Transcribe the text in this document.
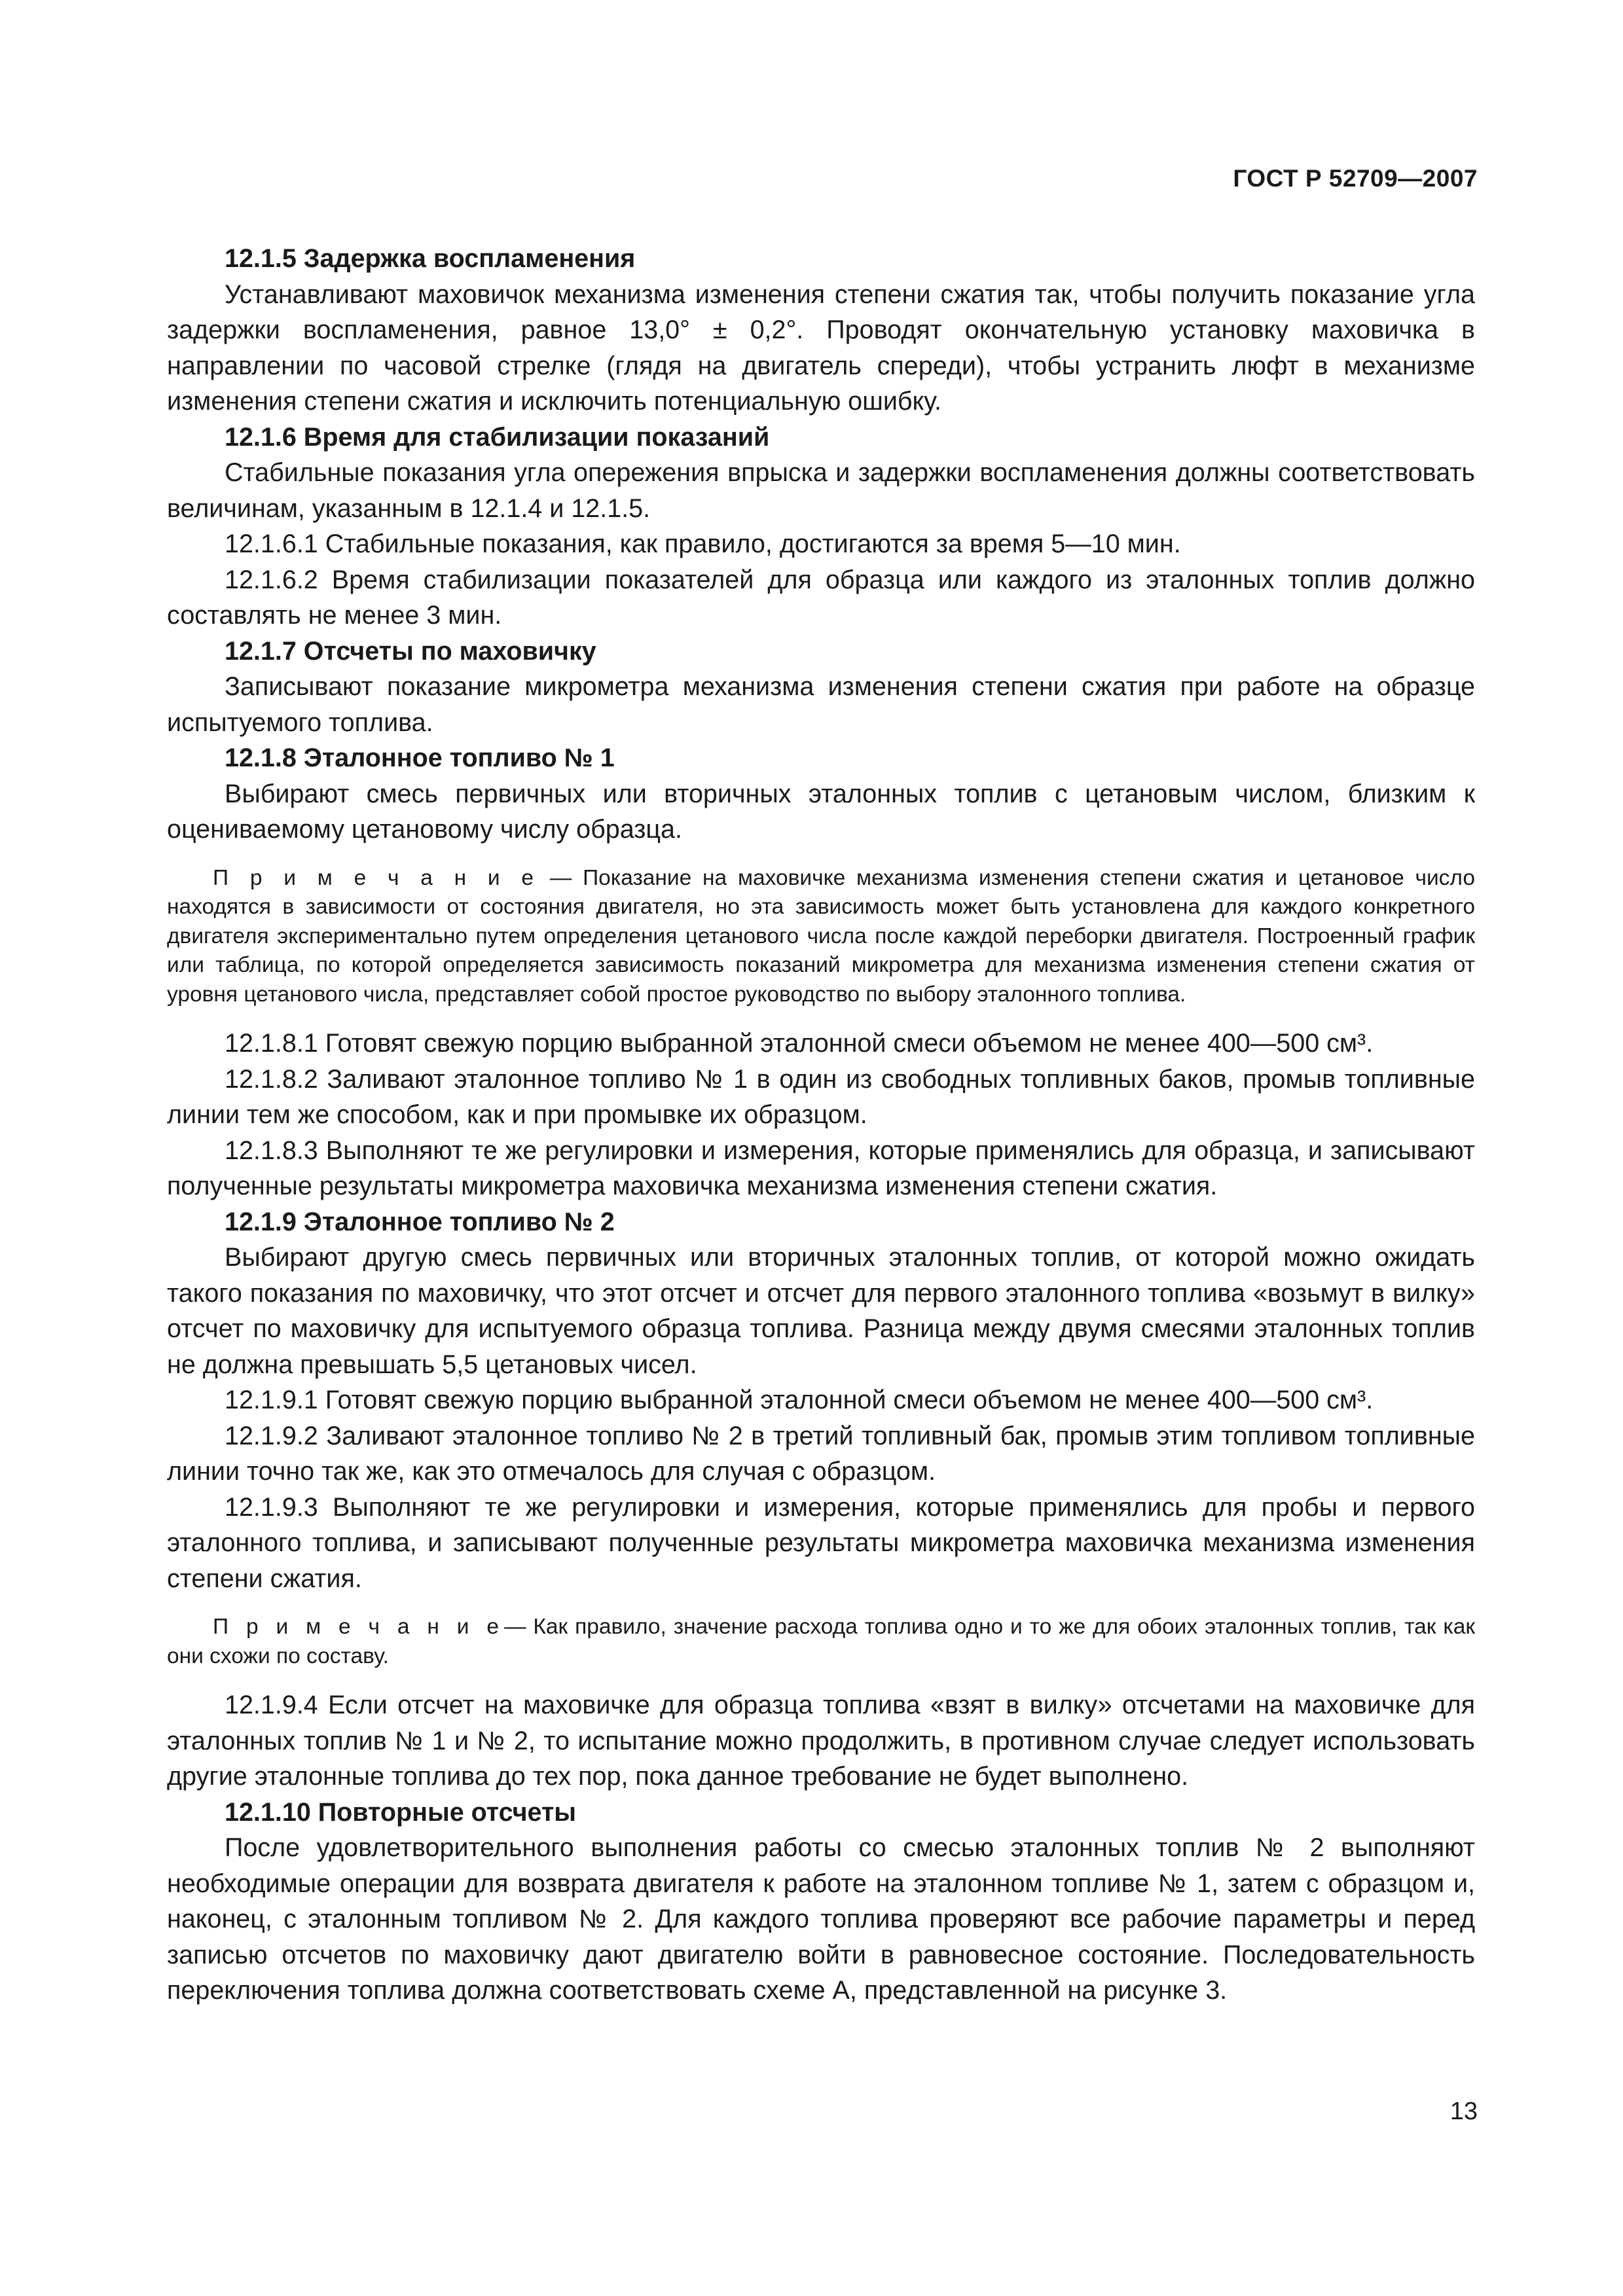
ГОСТ Р 52709—2007

12.1.5 Задержка воспламенения

Устанавливают маховичок механизма изменения степени сжатия так, чтобы получить показание угла задержки воспламенения, равное 13,0° ± 0,2°. Проводят окончательную установку маховичка в направлении по часовой стрелке (глядя на двигатель спереди), чтобы устранить люфт в механизме изменения степени сжатия и исключить потенциальную ошибку.

12.1.6 Время для стабилизации показаний

Стабильные показания угла опережения впрыска и задержки воспламенения должны соответствовать величинам, указанным в 12.1.4 и 12.1.5.

12.1.6.1 Стабильные показания, как правило, достигаются за время 5—10 мин.

12.1.6.2 Время стабилизации показателей для образца или каждого из эталонных топлив должно составлять не менее 3 мин.

12.1.7 Отсчеты по маховичку

Записывают показание микрометра механизма изменения степени сжатия при работе на образце испытуемого топлива.

12.1.8 Эталонное топливо № 1

Выбирают смесь первичных или вторичных эталонных топлив с цетановым числом, близким к оцениваемому цетановому числу образца.

П р и м е ч а н и е — Показание на маховичке механизма изменения степени сжатия и цетановое число находятся в зависимости от состояния двигателя, но эта зависимость может быть установлена для каждого конкретного двигателя экспериментально путем определения цетанового числа после каждой переборки двигателя. Построенный график или таблица, по которой определяется зависимость показаний микрометра для механизма изменения степени сжатия от уровня цетанового числа, представляет собой простое руководство по выбору эталонного топлива.

12.1.8.1 Готовят свежую порцию выбранной эталонной смеси объемом не менее 400—500 см³.

12.1.8.2 Заливают эталонное топливо № 1 в один из свободных топливных баков, промыв топливные линии тем же способом, как и при промывке их образцом.

12.1.8.3 Выполняют те же регулировки и измерения, которые применялись для образца, и записывают полученные результаты микрометра маховичка механизма изменения степени сжатия.

12.1.9 Эталонное топливо № 2

Выбирают другую смесь первичных или вторичных эталонных топлив, от которой можно ожидать такого показания по маховичку, что этот отсчет и отсчет для первого эталонного топлива «возьмут в вилку» отсчет по маховичку для испытуемого образца топлива. Разница между двумя смесями эталонных топлив не должна превышать 5,5 цетановых чисел.

12.1.9.1 Готовят свежую порцию выбранной эталонной смеси объемом не менее 400—500 см³.

12.1.9.2 Заливают эталонное топливо № 2 в третий топливный бак, промыв этим топливом топливные линии точно так же, как это отмечалось для случая с образцом.

12.1.9.3 Выполняют те же регулировки и измерения, которые применялись для пробы и первого эталонного топлива, и записывают полученные результаты микрометра маховичка механизма изменения степени сжатия.

П р и м е ч а н и е— Как правило, значение расхода топлива одно и то же для обоих эталонных топлив, так как они схожи по составу.

12.1.9.4 Если отсчет на маховичке для образца топлива «взят в вилку» отсчетами на маховичке для эталонных топлив № 1 и № 2, то испытание можно продолжить, в противном случае следует использовать другие эталонные топлива до тех пор, пока данное требование не будет выполнено.

12.1.10 Повторные отсчеты

После удовлетворительного выполнения работы со смесью эталонных топлив № 2 выполняют необходимые операции для возврата двигателя к работе на эталонном топливе № 1, затем с образцом и, наконец, с эталонным топливом № 2. Для каждого топлива проверяют все рабочие параметры и перед записью отсчетов по маховичку дают двигателю войти в равновесное состояние. Последовательность переключения топлива должна соответствовать схеме А, представленной на рисунке 3.

13
